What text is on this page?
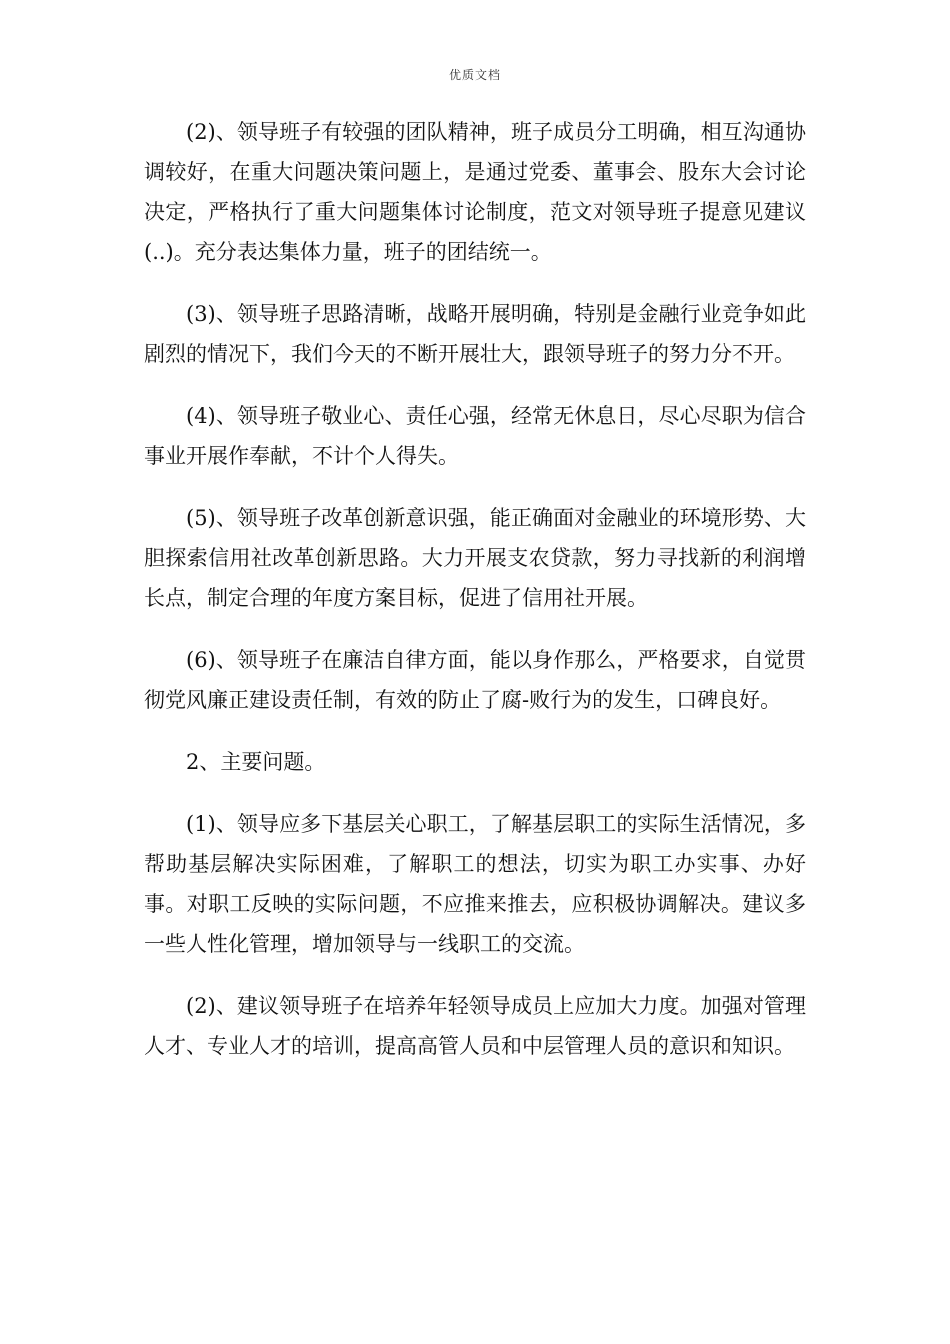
优质文档

(2)、领导班子有较强的团队精神，班子成员分工明确，相互沟通协调较好，在重大问题决策问题上，是通过党委、董事会、股东大会讨论决定，严格执行了重大问题集体讨论制度，范文对领导班子提意见建议(..)。充分表达集体力量，班子的团结统一。

(3)、领导班子思路清晰，战略开展明确，特别是金融行业竞争如此剧烈的情况下，我们今天的不断开展壮大，跟领导班子的努力分不开。

(4)、领导班子敬业心、责任心强，经常无休息日，尽心尽职为信合事业开展作奉献，不计个人得失。

(5)、领导班子改革创新意识强，能正确面对金融业的环境形势、大胆探索信用社改革创新思路。大力开展支农贷款，努力寻找新的利润增长点，制定合理的年度方案目标，促进了信用社开展。

(6)、领导班子在廉洁自律方面，能以身作那么，严格要求，自觉贯彻党风廉正建设责任制，有效的防止了腐-败行为的发生，口碑良好。

2、主要问题。

(1)、领导应多下基层关心职工，了解基层职工的实际生活情况，多帮助基层解决实际困难，了解职工的想法，切实为职工办实事、办好事。对职工反映的实际问题，不应推来推去，应积极协调解决。建议多一些人性化管理，增加领导与一线职工的交流。

(2)、建议领导班子在培养年轻领导成员上应加大力度。加强对管理人才、专业人才的培训，提高高管人员和中层管理人员的意识和知识。
